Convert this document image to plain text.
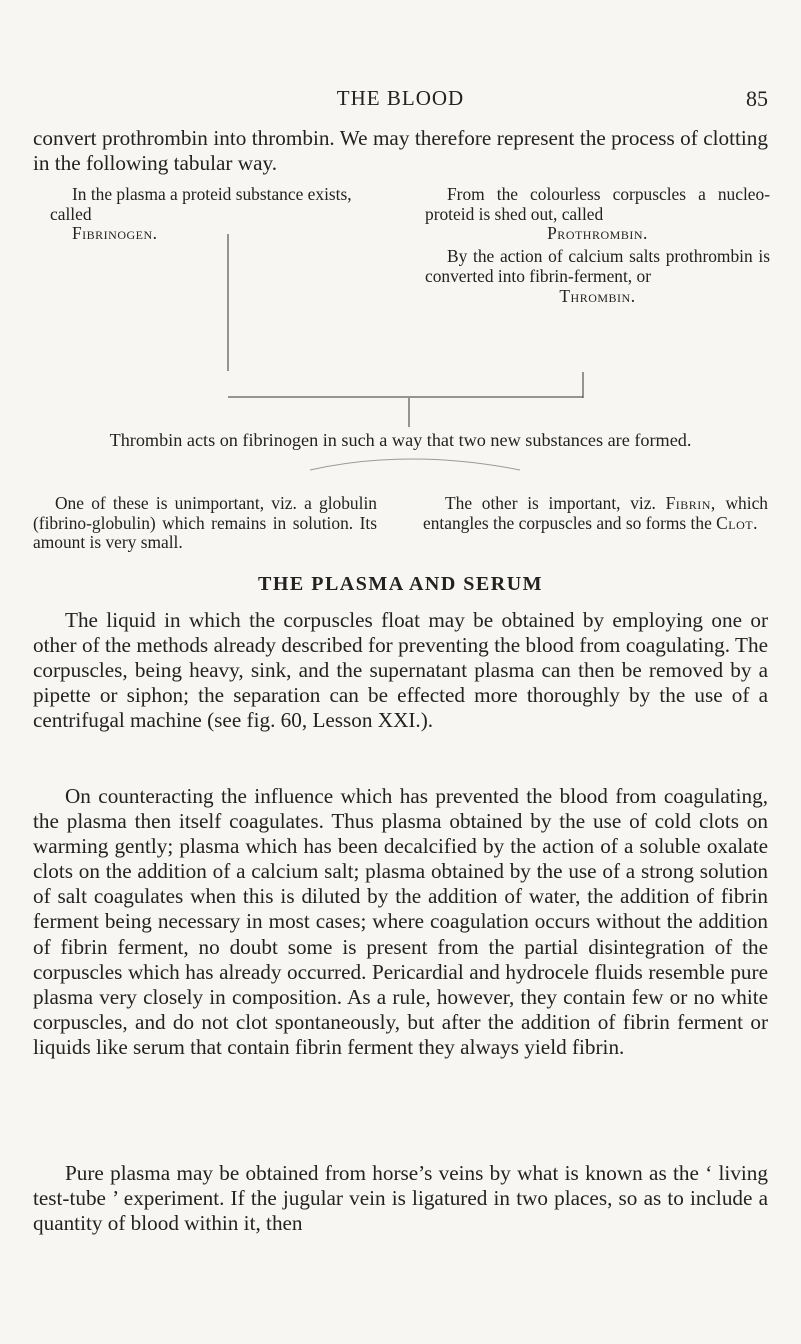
THE BLOOD	85

convert prothrombin into thrombin. We may therefore represent the process of clotting in the following tabular way.

In the plasma a proteid substance exists, called
Fibrinogen.
From the colourless corpuscles a nucleo-proteid is shed out, called
Prothrombin.
By the action of calcium salts prothrombin is converted into fibrin-ferment, or
Thrombin.
Thrombin acts on fibrinogen in such a way that two new substances are formed.
One of these is unimportant, viz. a globulin (fibrino-globulin) which remains in solution. Its amount is very small.
The other is important, viz. Fibrin, which entangles the corpuscles and so forms the Clot.
THE PLASMA AND SERUM

The liquid in which the corpuscles float may be obtained by employing one or other of the methods already described for preventing the blood from coagulating. The corpuscles, being heavy, sink, and the supernatant plasma can then be removed by a pipette or siphon; the separation can be effected more thoroughly by the use of a centrifugal machine (see fig. 60, Lesson XXI.).

On counteracting the influence which has prevented the blood from coagulating, the plasma then itself coagulates. Thus plasma obtained by the use of cold clots on warming gently; plasma which has been decalcified by the action of a soluble oxalate clots on the addition of a calcium salt; plasma obtained by the use of a strong solution of salt coagulates when this is diluted by the addition of water, the addition of fibrin ferment being necessary in most cases; where coagulation occurs without the addition of fibrin ferment, no doubt some is present from the partial disintegration of the corpuscles which has already occurred. Pericardial and hydrocele fluids resemble pure plasma very closely in composition. As a rule, however, they contain few or no white corpuscles, and do not clot spontaneously, but after the addition of fibrin ferment or liquids like serum that contain fibrin ferment they always yield fibrin.

Pure plasma may be obtained from horse’s veins by what is known as the ‘ living test-tube ’ experiment. If the jugular vein is ligatured in two places, so as to include a quantity of blood within it, then
